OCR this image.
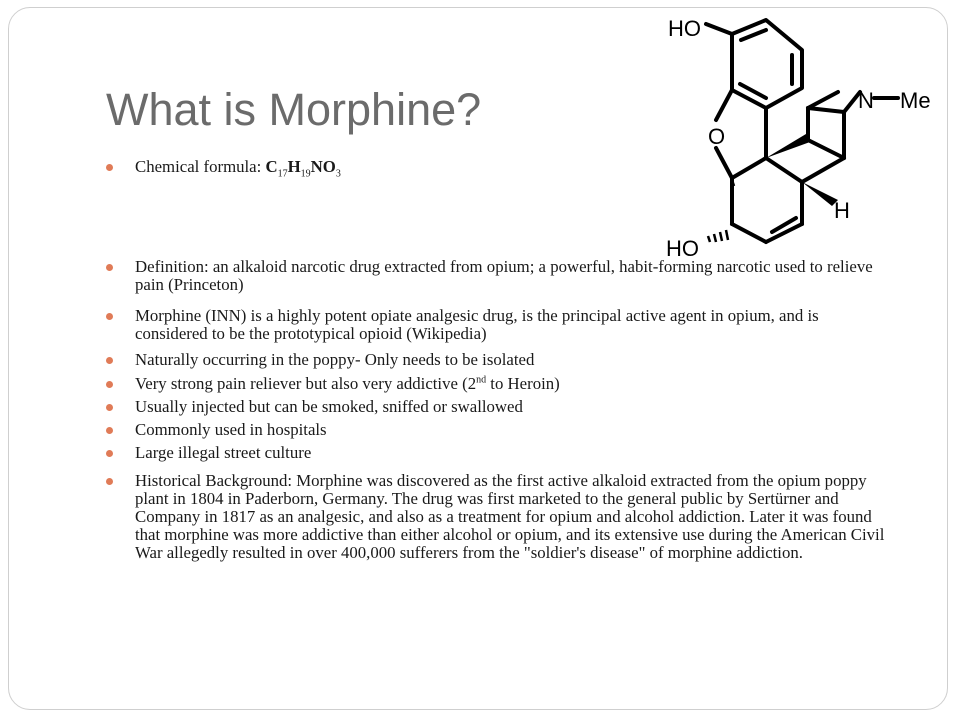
What is Morphine?
HO
O
N Me
H
HO
Chemical formula: $C_{17}H_{19}NO_3$
Definition: an alkaloid narcotic drug extracted from opium; a powerful, habit-forming narcotic used to relieve pain (Princeton)
Morphine (INN) is a highly potent opiate analgesic drug, is the principal active agent in opium, and is considered to be the prototypical opioid (Wikipedia)
Naturally occurring in the poppy- Only needs to be isolated
Very strong pain reliever but also very addictive (2nd to Heroin)
Usually injected but can be smoked, sniffed or swallowed
Commonly used in hospitals
Large illegal street culture
Historical Background: Morphine was discovered as the first active alkaloid extracted from the opium poppy plant in 1804 in Paderborn, Germany. The drug was first marketed to the general public by Sertürner and Company in 1817 as an analgesic, and also as a treatment for opium and alcohol addiction. Later it was found that morphine was more addictive than either alcohol or opium, and its extensive use during the American Civil War allegedly resulted in over 400,000 sufferers from the "soldier's disease" of morphine addiction.
